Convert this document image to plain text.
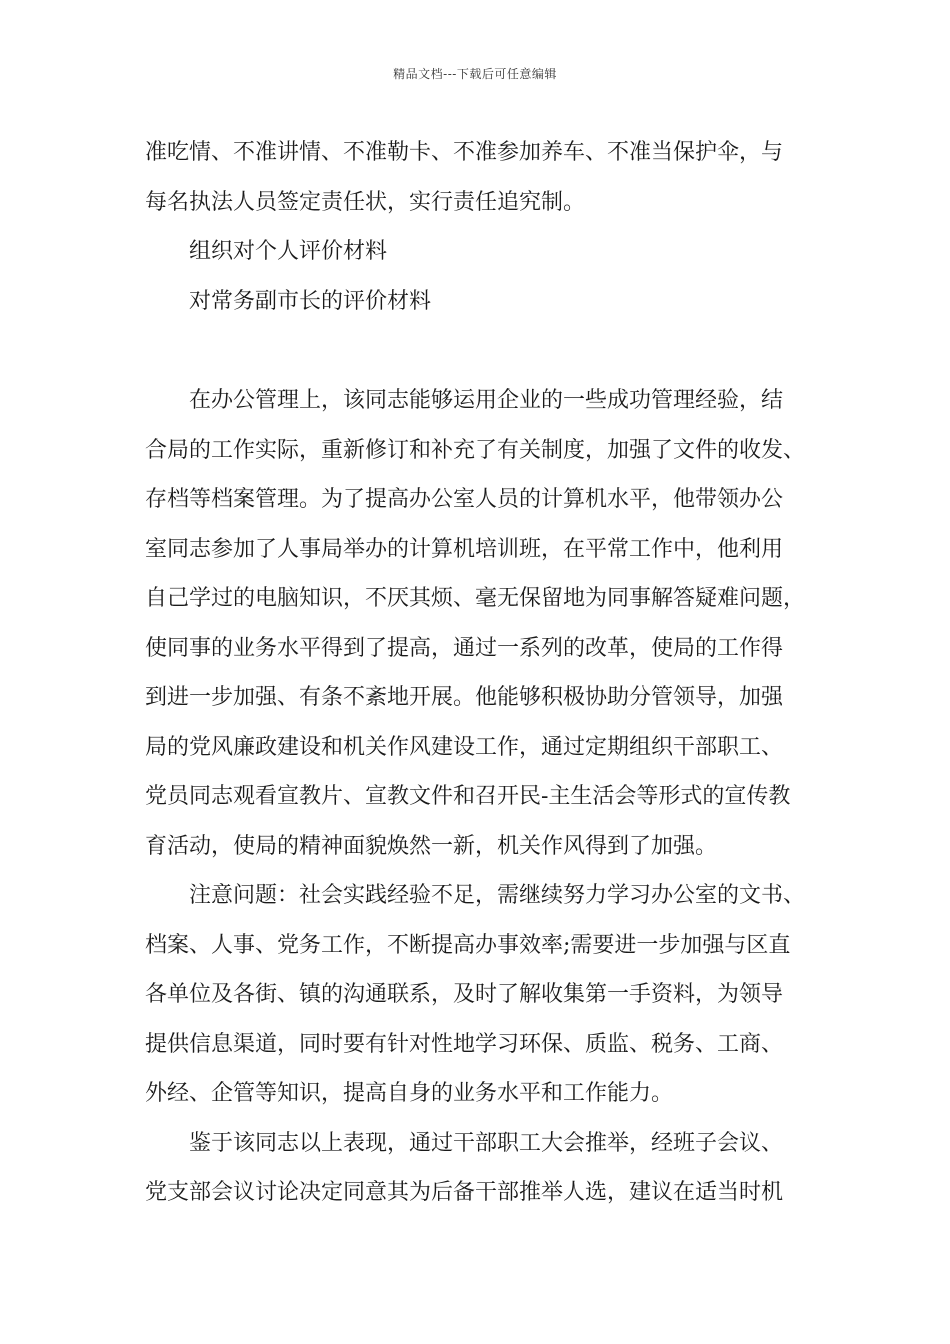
精品文档---下载后可任意编辑
准吃情、不准讲情、不准勒卡、不准参加养车、不准当保护伞，与
每名执法人员签定责任状，实行责任追究制。
组织对个人评价材料
对常务副市长的评价材料
在办公管理上，该同志能够运用企业的一些成功管理经验，结
合局的工作实际，重新修订和补充了有关制度，加强了文件的收发、
存档等档案管理。为了提高办公室人员的计算机水平，他带领办公
室同志参加了人事局举办的计算机培训班，在平常工作中，他利用
自己学过的电脑知识，不厌其烦、毫无保留地为同事解答疑难问题，
使同事的业务水平得到了提高，通过一系列的改革，使局的工作得
到进一步加强、有条不紊地开展。他能够积极协助分管领导，加强
局的党风廉政建设和机关作风建设工作，通过定期组织干部职工、
党员同志观看宣教片、宣教文件和召开民-主生活会等形式的宣传教
育活动，使局的精神面貌焕然一新，机关作风得到了加强。
注意问题：社会实践经验不足，需继续努力学习办公室的文书、
档案、人事、党务工作，不断提高办事效率;需要进一步加强与区直
各单位及各街、镇的沟通联系，及时了解收集第一手资料，为领导
提供信息渠道，同时要有针对性地学习环保、质监、税务、工商、
外经、企管等知识，提高自身的业务水平和工作能力。
鉴于该同志以上表现，通过干部职工大会推举，经班子会议、
党支部会议讨论决定同意其为后备干部推举人选，建议在适当时机
